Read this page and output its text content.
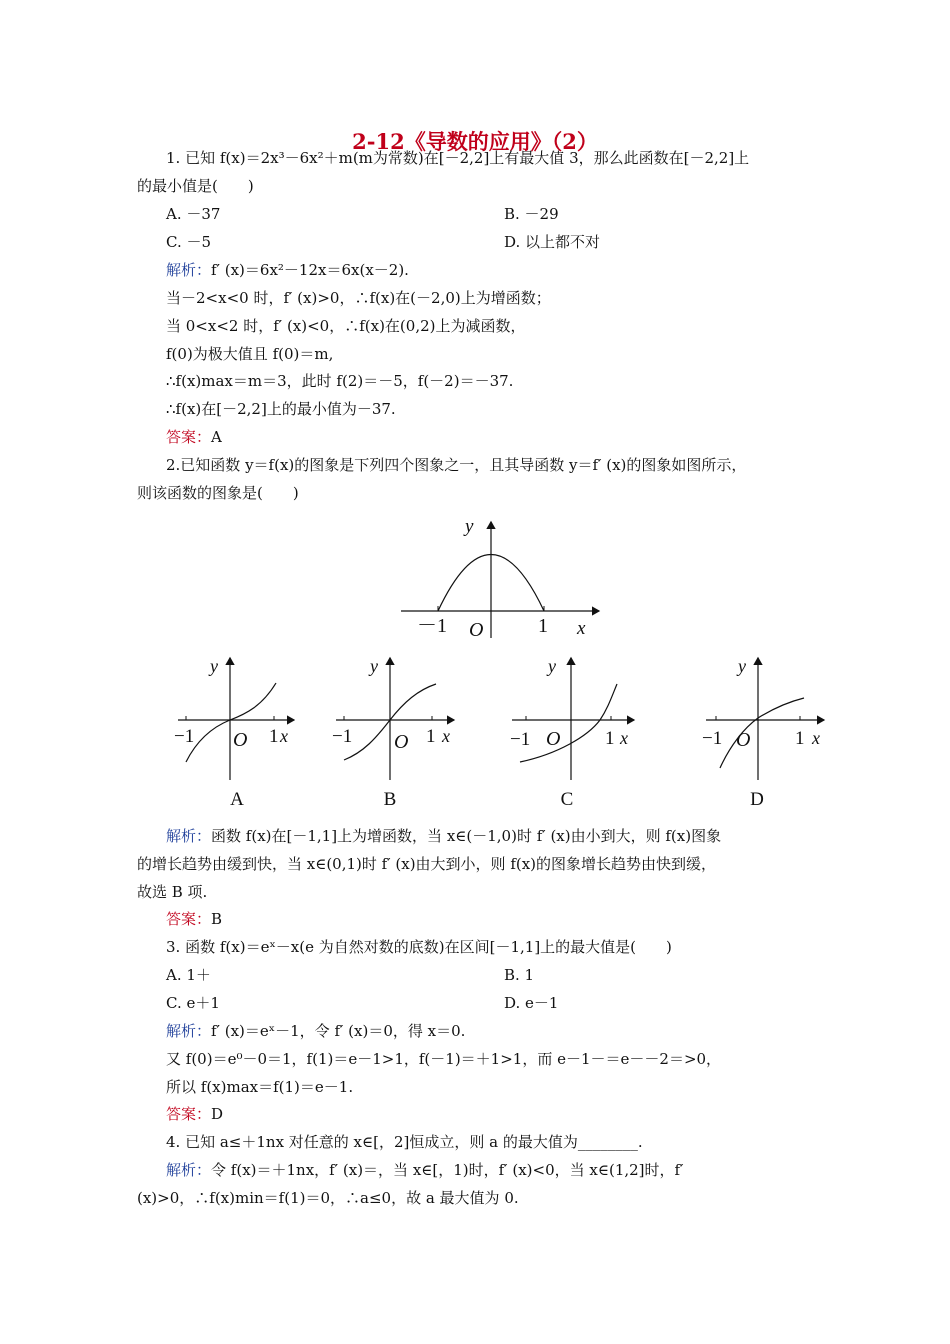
2-12《导数的应用》（2）
1. 已知 f(x)＝2x³－6x²＋m(m为常数)在[－2,2]上有最大值 3，那么此函数在[－2,2]上
的最小值是(　　)
A. －37	B. －29
C. －5	D. 以上都不对
解析：f′ (x)＝6x²－12x＝6x(x－2).
当－2<x<0 时，f′ (x)>0，∴f(x)在(－2,0)上为增函数；
当 0<x<2 时，f′ (x)<0，∴f(x)在(0,2)上为减函数，
f(0)为极大值且 f(0)＝m,
∴f(x)max＝m＝3，此时 f(2)＝－5，f(－2)＝－37.
∴f(x)在[－2,2]上的最小值为－37.
答案：A
2.已知函数 y＝f(x)的图象是下列四个图象之一，且其导函数 y＝f′ (x)的图象如图所示，
则该函数的图象是(　　)
y
x
O
－1	1
y
x
O
−1	1
y
x
O
−1	1
y
x
O
−1	1
y
x
O
−1	1
A	B	C	D
解析：函数 f(x)在[－1,1]上为增函数，当 x∈(－1,0)时 f′ (x)由小到大，则 f(x)图象
的增长趋势由缓到快，当 x∈(0,1)时 f′ (x)由大到小，则 f(x)的图象增长趋势由快到缓，
故选 B 项.
答案：B
3. 函数 f(x)＝eˣ－x(e 为自然对数的底数)在区间[－1,1]上的最大值是(　　)
A. 1＋	B. 1
C. e＋1	D. e－1
解析：f′ (x)＝eˣ－1，令 f′ (x)＝0，得 x＝0.
又 f(0)＝e⁰－0＝1，f(1)＝e－1>1，f(－1)＝＋1>1，而 e－1－＝e－－2＝>0，
所以 f(x)max＝f(1)＝e－1.
答案：D
4. 已知 a≤＋1nx 对任意的 x∈[，2]恒成立，则 a 的最大值为________.
解析：令 f(x)＝＋1nx，f′ (x)＝，当 x∈[，1)时，f′ (x)<0，当 x∈(1,2]时，f′
(x)>0，∴f(x)min＝f(1)＝0，∴a≤0，故 a 最大值为 0.
